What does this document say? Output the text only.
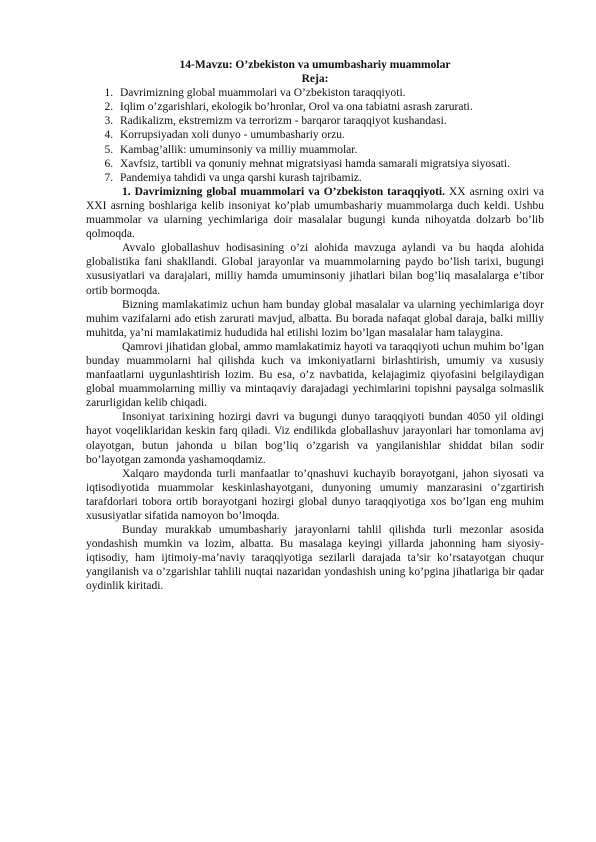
14-Mavzu: O’zbekiston va umumbashariy muammolar
Reja:
1. Davrimizning global muammolari va O’zbekiston taraqqiyoti.
2. Iqlim o’zgarishlari, ekologik bo’hronlar, Orol va ona tabiatni asrash zarurati.
3. Radikalizm, ekstremizm va terrorizm - barqaror taraqqiyot kushandasi.
4. Korrupsiyadan xoli dunyo - umumbashariy orzu.
5. Kambag’allik: umuminsoniy va milliy muammolar.
6. Xavfsiz, tartibli va qonuniy mehnat migratsiyasi hamda samarali migratsiya siyosati.
7. Pandemiya tahdidi va unga qarshi kurash tajribamiz.

1. Davrimizning global muammolari va O’zbekiston taraqqiyoti. XX asrning oxiri va XXI asrning boshlariga kelib insoniyat ko’plab umumbashariy muammolarga duch keldi. Ushbu muammolar va ularning yechimlariga doir masalalar bugungi kunda nihoyatda dolzarb bo’lib qolmoqda.

Avvalo globallashuv hodisasining o’zi alohida mavzuga aylandi va bu haqda alohida globalistika fani shakllandi. Global jarayonlar va muammolarning paydo bo’lish tarixi, bugungi xususiyatlari va darajalari, milliy hamda umuminsoniy jihatlari bilan bog’liq masalalarga e’tibor ortib bormoqda.

Bizning mamlakatimiz uchun ham bunday global masalalar va ularning yechimlariga doyr muhim vazifalarni ado etish zarurati mavjud, albatta. Bu borada nafaqat global daraja, balki milliy muhitda, ya’ni mamlakatimiz hududida hal etilishi lozim bo’lgan masalalar ham talaygina.

Qamrovi jihatidan global, ammo mamlakatimiz hayoti va taraqqiyoti uchun muhim bo’lgan bunday muammolarni hal qilishda kuch va imkoniyatlarni birlashtirish, umumiy va xususiy manfaatlarni uygunlashtirish lozim. Bu esa, o’z navbatida, kelajagimiz qiyofasini belgilaydigan global muammolarning milliy va mintaqaviy darajadagi yechimlarini topishni paysalga solmaslik zarurligidan kelib chiqadi.

Insoniyat tarixining hozirgi davri va bugungi dunyo taraqqiyoti bundan 4050 yil oldingi hayot voqeliklaridan keskin farq qiladi. Viz endilikda globallashuv jarayonlari har tomonlama avj olayotgan, butun jahonda u bilan bog’liq o’zgarish va yangilanishlar shiddat bilan sodir bo’layotgan zamonda yashamoqdamiz.

Xalqaro maydonda turli manfaatlar to’qnashuvi kuchayib borayotgani, jahon siyosati va iqtisodiyotida muammolar keskinlashayotgani, dunyoning umumiy manzarasini o’zgartirish tarafdorlari tobora ortib borayotgani hozirgi global dunyo taraqqiyotiga xos bo’lgan eng muhim xususiyatlar sifatida namoyon bo’lmoqda.

Bunday murakkab umumbashariy jarayonlarni tahlil qilishda turli mezonlar asosida yondashish mumkin va lozim, albatta. Bu masalaga keyingi yillarda jahonning ham siyosiy-iqtisodiy, ham ijtimoiy-ma’naviy taraqqiyotiga sezilarli darajada ta’sir ko’rsatayotgan chuqur yangilanish va o’zgarishlar tahlili nuqtai nazaridan yondashish uning ko’pgina jihatlariga bir qadar oydinlik kiritadi.
